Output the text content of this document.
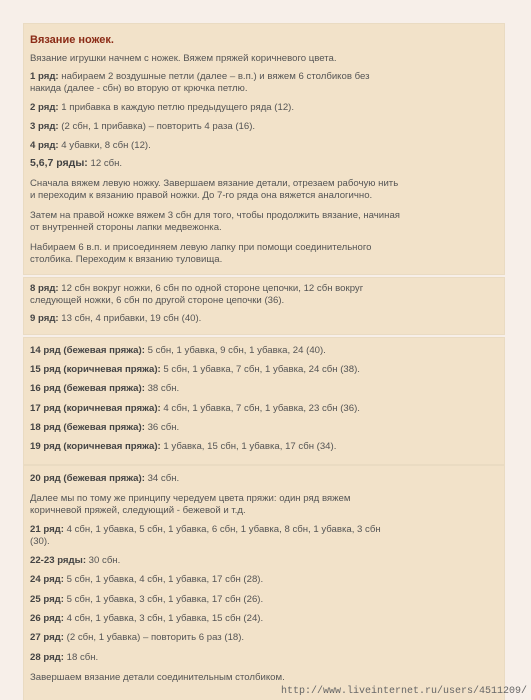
Вязание ножек.
Вязание игрушки начнем с ножек. Вяжем пряжей коричневого цвета.
1 ряд: набираем 2 воздушные петли (далее – в.п.) и вяжем 6 столбиков без
накида (далее - сбн) во вторую от крючка петлю.
2 ряд: 1 прибавка в каждую петлю предыдущего ряда (12).
3 ряд: (2 сбн, 1 прибавка) – повторить 4 раза (16).
4 ряд: 4 убавки, 8 сбн (12).
5,6,7 ряды: 12 сбн.
Сначала вяжем левую ножку. Завершаем вязание детали, отрезаем рабочую нить
и переходим к вязанию правой ножки. До 7-го ряда она вяжется аналогично.
Затем на правой ножке вяжем 3 сбн для того, чтобы продолжить вязание, начиная
от внутренней стороны лапки медвежонка.
Набираем 6 в.п. и присоединяем левую лапку при помощи соединительного
столбика. Переходим к вязанию туловища.
8 ряд: 12 сбн вокруг ножки, 6 сбн по одной стороне цепочки, 12 сбн вокруг
следующей ножки, 6 сбн по другой стороне цепочки (36).
9 ряд: 13 сбн, 4 прибавки, 19 сбн (40).
14 ряд (бежевая пряжа): 5 сбн, 1 убавка, 9 сбн, 1 убавка, 24 (40).
15 ряд (коричневая пряжа): 5 сбн, 1 убавка, 7 сбн, 1 убавка, 24 сбн (38).
16 ряд (бежевая пряжа): 38 сбн.
17 ряд (коричневая пряжа): 4 сбн, 1 убавка, 7 сбн, 1 убавка, 23 сбн (36).
18 ряд (бежевая пряжа): 36 сбн.
19 ряд (коричневая пряжа): 1 убавка, 15 сбн, 1 убавка, 17 сбн (34).
20 ряд (бежевая пряжа): 34 сбн.
Далее мы по тому же принципу чередуем цвета пряжи: один ряд вяжем
коричневой пряжей, следующий - бежевой и т.д.
21 ряд: 4 сбн, 1 убавка, 5 сбн, 1 убавка, 6 сбн, 1 убавка, 8 сбн, 1 убавка, 3 сбн
(30).
22-23 ряды: 30 сбн.
24 ряд: 5 сбн, 1 убавка, 4 сбн, 1 убавка, 17 сбн (28).
25 ряд: 5 сбн, 1 убавка, 3 сбн, 1 убавка, 17 сбн (26).
26 ряд: 4 сбн, 1 убавка, 3 сбн, 1 убавка, 15 сбн (24).
27 ряд: (2 сбн, 1 убавка) – повторить 6 раз (18).
28 ряд: 18 сбн.
Завершаем вязание детали соединительным столбиком.
http://www.liveinternet.ru/users/4511209/
